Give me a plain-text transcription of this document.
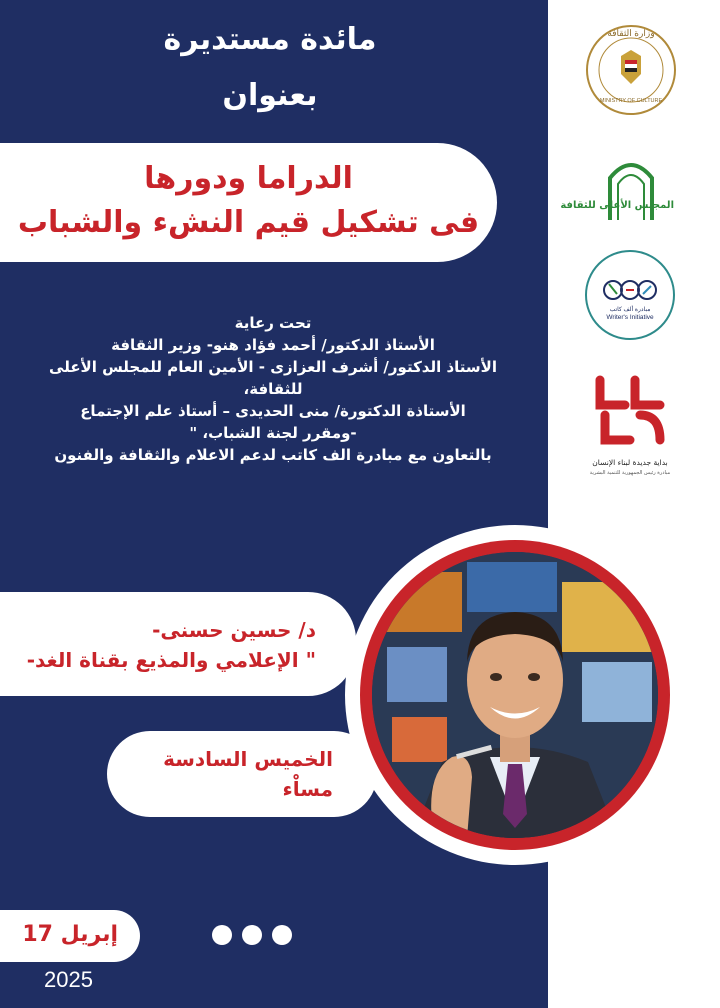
مائدة مستديرة
بعنوان
الدراما ودورها
فى تشكيل قيم النشء والشباب
تحت رعاية
الأستاذ الدكتور/ أحمد فؤاد هنو- وزير الثقافة
الأستاذ الدكتور/ أشرف العزازى - الأمين العام للمجلس الأعلى
للثقافة،
الأستاذة الدكتورة/ منى الحديدى – أستاذ علم الإجتماع
-ومقرر لجنة الشباب، "
بالتعاون مع مبادرة الف كاتب لدعم الاعلام والثقافة والفنون
د/ حسين حسنى-
" الإعلامي والمذيع بقناة الغد-
الخميس السادسة
مساْء
إبريل 17
2025
وزارة الثقافة
MINISTRY OF CULTURE
المجلس الأعلى للثقافة
مبادرة ألف كاتب
Writer's Initiative
بداية جديدة لبناء الإنسان
مبادرة رئيس الجمهورية للتنمية البشرية
